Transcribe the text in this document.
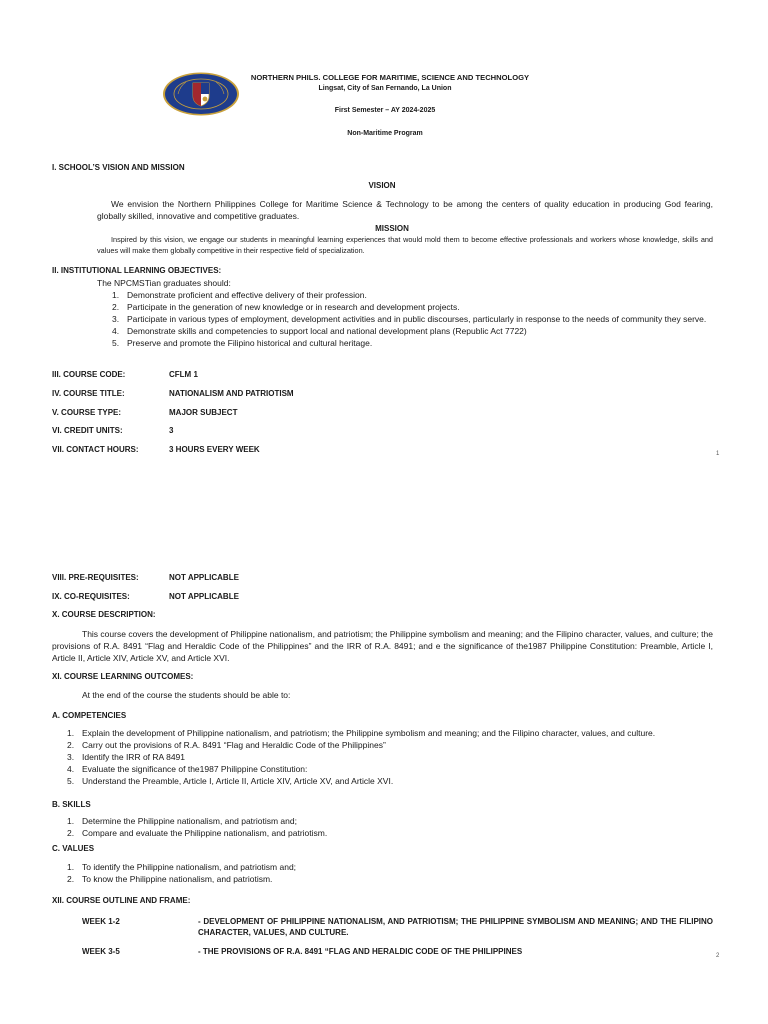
NORTHERN PHILS. COLLEGE FOR MARITIME, SCIENCE AND TECHNOLOGY
Lingsat, City of San Fernando, La Union
First Semester – AY 2024-2025
Non-Maritime Program
I. SCHOOL’S VISION AND MISSION
VISION
We envision the Northern Philippines College for Maritime Science & Technology to be among the centers of quality education in producing God fearing, globally skilled, innovative and competitive graduates.
MISSION
Inspired by this vision, we engage our students in meaningful learning experiences that would mold them to become effective professionals and workers whose knowledge, skills and values will make them globally competitive in their respective field of specialization.
II. INSTITUTIONAL LEARNING OBJECTIVES:
The NPCMSTian graduates should:
1. Demonstrate proficient and effective delivery of their profession.
2. Participate in the generation of new knowledge or in research and development projects.
3. Participate in various types of employment, development activities and in public discourses, particularly in response to the needs of community they serve.
4. Demonstrate skills and competencies to support local and national development plans (Republic Act 7722)
5. Preserve and promote the Filipino historical and cultural heritage.
III. COURSE CODE:	CFLM 1
IV. COURSE TITLE:	NATIONALISM AND PATRIOTISM
V. COURSE TYPE:	MAJOR SUBJECT
VI. CREDIT UNITS:	3
VII. CONTACT HOURS:	3 HOURS EVERY WEEK	1
VIII. PRE-REQUISITES:	NOT APPLICABLE
IX. CO-REQUISITES:	NOT APPLICABLE
X. COURSE DESCRIPTION:
This course covers the development of Philippine nationalism, and patriotism; the Philippine symbolism and meaning; and the Filipino character, values, and culture; the provisions of R.A. 8491 “Flag and Heraldic Code of the Philippines” and the IRR of R.A. 8491; and e the significance of the1987 Philippine Constitution: Preamble, Article I, Article II, Article XIV, Article XV, and Article XVI.
XI. COURSE LEARNING OUTCOMES:
At the end of the course the students should be able to:
A. COMPETENCIES
1. Explain the development of Philippine nationalism, and patriotism; the Philippine symbolism and meaning; and the Filipino character, values, and culture.
2. Carry out the provisions of R.A. 8491 “Flag and Heraldic Code of the Philippines”
3. Identify the IRR of RA 8491
4. Evaluate the significance of the1987 Philippine Constitution:
5. Understand the Preamble, Article I, Article II, Article XIV, Article XV, and Article XVI.
B. SKILLS
1. Determine the Philippine nationalism, and patriotism and;
2. Compare and evaluate the Philippine nationalism, and patriotism.
C. VALUES
1. To identify the Philippine nationalism, and patriotism and;
2. To know the Philippine nationalism, and patriotism.
XII. COURSE OUTLINE AND FRAME:
WEEK 1-2	- DEVELOPMENT OF PHILIPPINE NATIONALISM, AND PATRIOTISM; THE PHILIPPINE SYMBOLISM AND MEANING; AND THE FILIPINO CHARACTER, VALUES, AND CULTURE.
WEEK 3-5	- THE PROVISIONS OF R.A. 8491 “FLAG AND HERALDIC CODE OF THE PHILIPPINES	2
